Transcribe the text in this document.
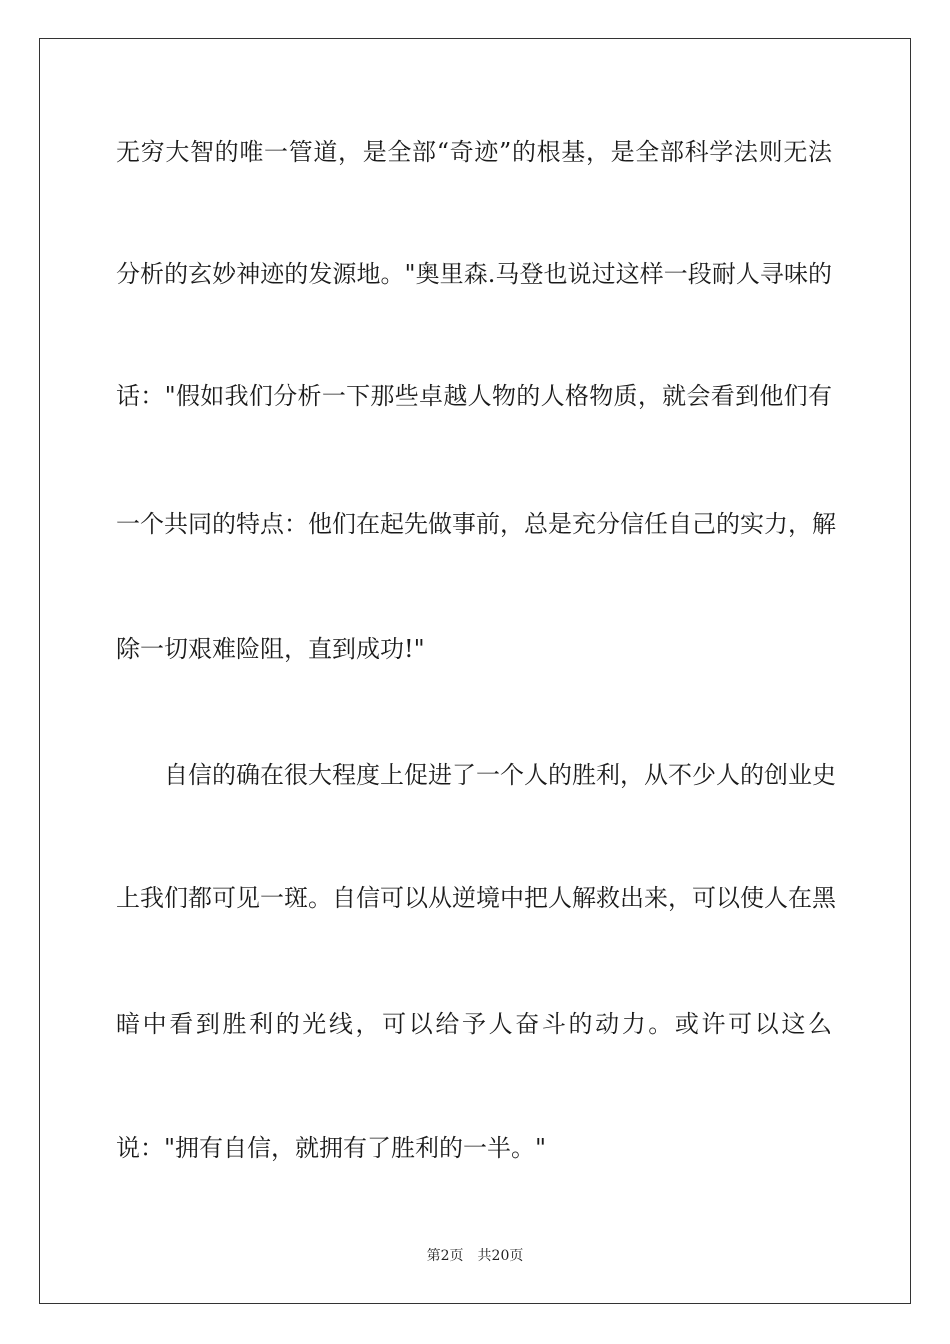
无穷大智的唯一管道，是全部“奇迹”的根基，是全部科学法则无法
分析的玄妙神迹的发源地。"奥里森.马登也说过这样一段耐人寻味的
话："假如我们分析一下那些卓越人物的人格物质，就会看到他们有
一个共同的特点：他们在起先做事前，总是充分信任自己的实力，解
除一切艰难险阻，直到成功!"
自信的确在很大程度上促进了一个人的胜利，从不少人的创业史
上我们都可见一斑。自信可以从逆境中把人解救出来，可以使人在黑
暗中看到胜利的光线，可以给予人奋斗的动力。或许可以这么
说："拥有自信，就拥有了胜利的一半。"
第2页 共20页
